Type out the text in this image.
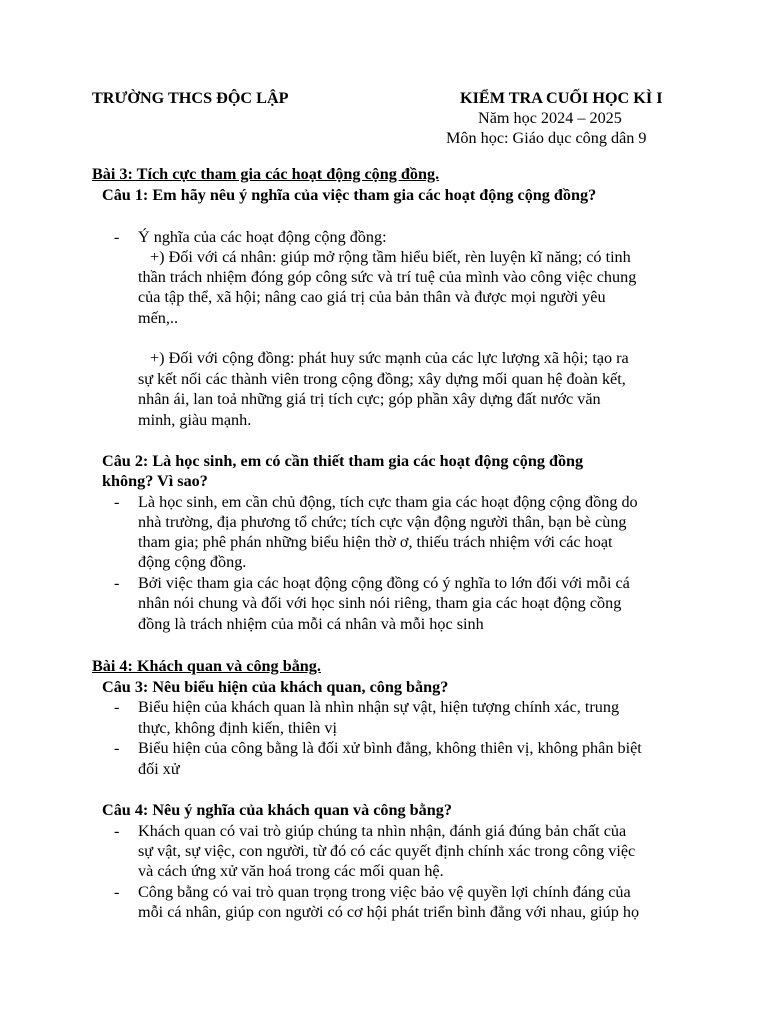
TRƯỜNG THCS ĐỘC LẬP	KIỂM TRA CUỐI HỌC KÌ I
Năm học 2024 – 2025
Môn học: Giáo dục công dân 9
Bài 3: Tích cực tham gia các hoạt động cộng đồng.
Câu 1: Em hãy nêu ý nghĩa của việc tham gia các hoạt động cộng đồng?
- Ý nghĩa của các hoạt động cộng đồng:
+) Đối với cá nhân: giúp mở rộng tầm hiểu biết, rèn luyện kĩ năng; có tinh
thần trách nhiệm đóng góp công sức và trí tuệ của mình vào công việc chung
của tập thể, xã hội; nâng cao giá trị của bản thân và được mọi người yêu
mến,..
+) Đối với cộng đồng: phát huy sức mạnh của các lực lượng xã hội; tạo ra
sự kết nối các thành viên trong cộng đồng; xây dựng mối quan hệ đoàn kết,
nhân ái, lan toả những giá trị tích cực; góp phần xây dựng đất nước văn
minh, giàu mạnh.
Câu 2: Là học sinh, em có cần thiết tham gia các hoạt động cộng đồng
không? Vì sao?
- Là học sinh, em cần chủ động, tích cực tham gia các hoạt động cộng đồng do
nhà trường, địa phương tổ chức; tích cực vận động người thân, bạn bè cùng
tham gia; phê phán những biểu hiện thờ ơ, thiếu trách nhiệm với các hoạt
động cộng đồng.
- Bởi việc tham gia các hoạt động cộng đồng có ý nghĩa to lớn đối với mỗi cá
nhân nói chung và đối với học sinh nói riêng, tham gia các hoạt động cồng
đồng là trách nhiệm của mỗi cá nhân và mỗi học sinh
Bài 4: Khách quan và công bằng.
Câu 3: Nêu biểu hiện của khách quan, công bằng?
- Biểu hiện của khách quan là nhìn nhận sự vật, hiện tượng chính xác, trung
thực, không định kiến, thiên vị
- Biểu hiện của công bằng là đối xử bình đẳng, không thiên vị, không phân biệt
đối xử
Câu 4: Nêu ý nghĩa của khách quan và công bằng?
- Khách quan có vai trò giúp chúng ta nhìn nhận, đánh giá đúng bản chất của
sự vật, sự việc, con người, từ đó có các quyết định chính xác trong công việc
và cách ứng xử văn hoá trong các mối quan hệ.
- Công bằng có vai trò quan trọng trong việc bảo vệ quyền lợi chính đáng của
mỗi cá nhân, giúp con người có cơ hội phát triển bình đẳng với nhau, giúp họ
